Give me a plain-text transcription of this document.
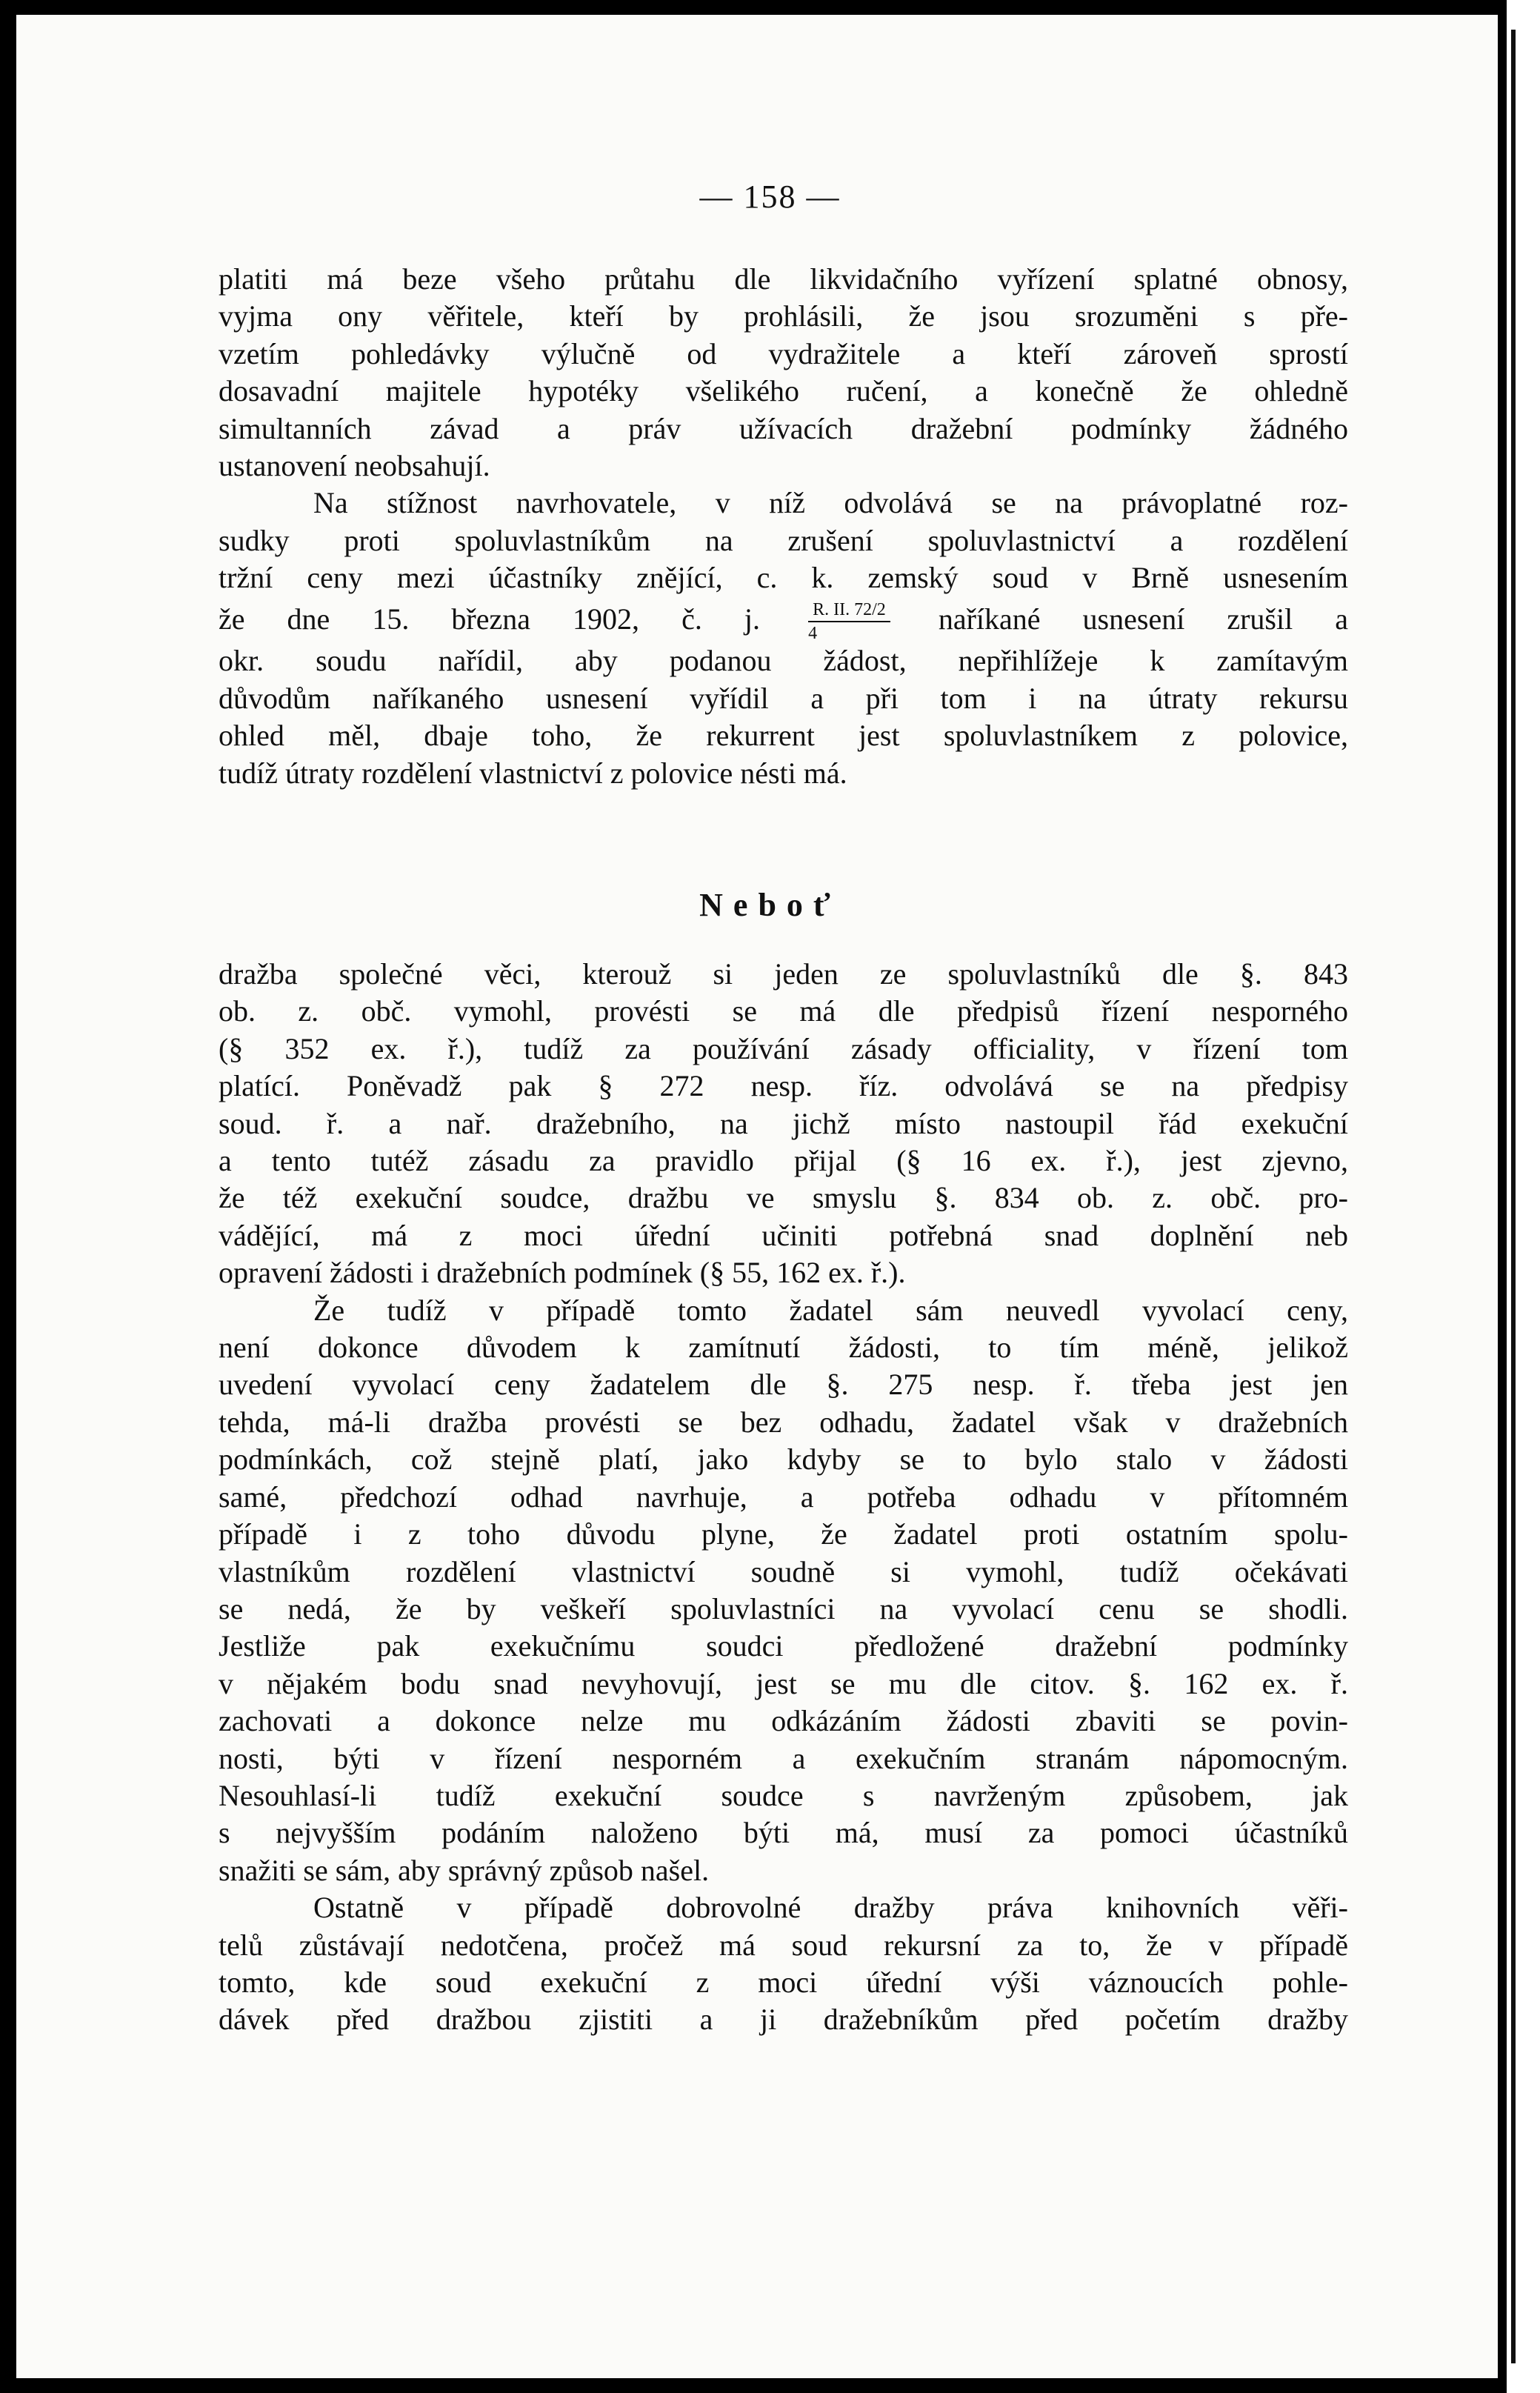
— 158 —

platiti má beze všeho průtahu dle likvidačního vyřízení splatné obnosy,

vyjma ony věřitele, kteří by prohlásili, že jsou srozuměni s pře-

vzetím pohledávky výlučně od vydražitele a kteří zároveň sprostí

dosavadní majitele hypotéky všelikého ručení, a konečně že ohledně

simultanních závad a práv užívacích dražební podmínky žádného

ustanovení neobsahují.

Na stížnost navrhovatele, v níž odvolává se na právoplatné roz-

sudky proti spoluvlastníkům na zrušení spoluvlastnictví a rozdělení

tržní ceny mezi účastníky znějící, c. k. zemský soud v Brně usnesením

že dne 15. března 1902, č. j.	$\frac{R. II. 72/2}{4}$ naříkané usnesení zrušil a

okr. soudu nařídil, aby podanou žádost, nepřihlížeje k zamítavým

důvodům naříkaného usnesení vyřídil a při tom i na útraty rekursu

ohled měl, dbaje toho, že rekurrent jest spoluvlastníkem z polovice,

tudíž útraty rozdělení vlastnictví z polovice nésti má.

Neboť

dražba společné věci, kterouž si jeden ze spoluvlastníků dle §. 843

ob. z. obč. vymohl, provésti se má dle předpisů řízení nesporného

(§ 352 ex. ř.), tudíž za používání zásady officiality, v řízení tom

platící. Poněvadž pak § 272 nesp. říz. odvolává se na předpisy

soud. ř. a nař. dražebního, na jichž místo nastoupil řád exekuční

a tento tutéž zásadu za pravidlo přijal (§ 16 ex. ř.), jest zjevno,

že též exekuční soudce, dražbu ve smyslu §. 834 ob. z. obč. pro-

vádějící, má z moci úřední učiniti potřebná snad doplnění neb

opravení žádosti i dražebních podmínek (§ 55, 162 ex. ř.).

Že tudíž v případě tomto žadatel sám neuvedl vyvolací ceny,

není dokonce důvodem k zamítnutí žádosti, to tím méně, jelikož

uvedení vyvolací ceny žadatelem dle §. 275 nesp. ř. třeba jest jen

tehda, má-li dražba provésti se bez odhadu, žadatel však v dražebních

podmínkách, což stejně platí, jako kdyby se to bylo stalo v žádosti

samé, předchozí odhad navrhuje, a potřeba odhadu v přítomném

případě i z toho důvodu plyne, že žadatel proti ostatním spolu-

vlastníkům rozdělení vlastnictví soudně si vymohl, tudíž očekávati

se nedá, že by veškeří spoluvlastníci na vyvolací cenu se shodli.

Jestliže pak exekučnímu soudci předložené dražební podmínky

v nějakém bodu snad nevyhovují, jest se mu dle citov. §. 162 ex. ř.

zachovati a dokonce nelze mu odkázáním žádosti zbaviti se povin-

nosti, býti v řízení nesporném a exekučním stranám nápomocným.

Nesouhlasí-li tudíž exekuční soudce s navrženým způsobem, jak

s nejvyšším podáním naloženo býti má, musí za pomoci účastníků

snažiti se sám, aby správný způsob našel.

Ostatně v případě dobrovolné dražby práva knihovních věři-

telů zůstávají nedotčena, pročež má soud rekursní za to, že v případě

tomto, kde soud exekuční z moci úřední výši váznoucích pohle-

dávek před dražbou zjistiti a ji dražebníkům před početím dražby
